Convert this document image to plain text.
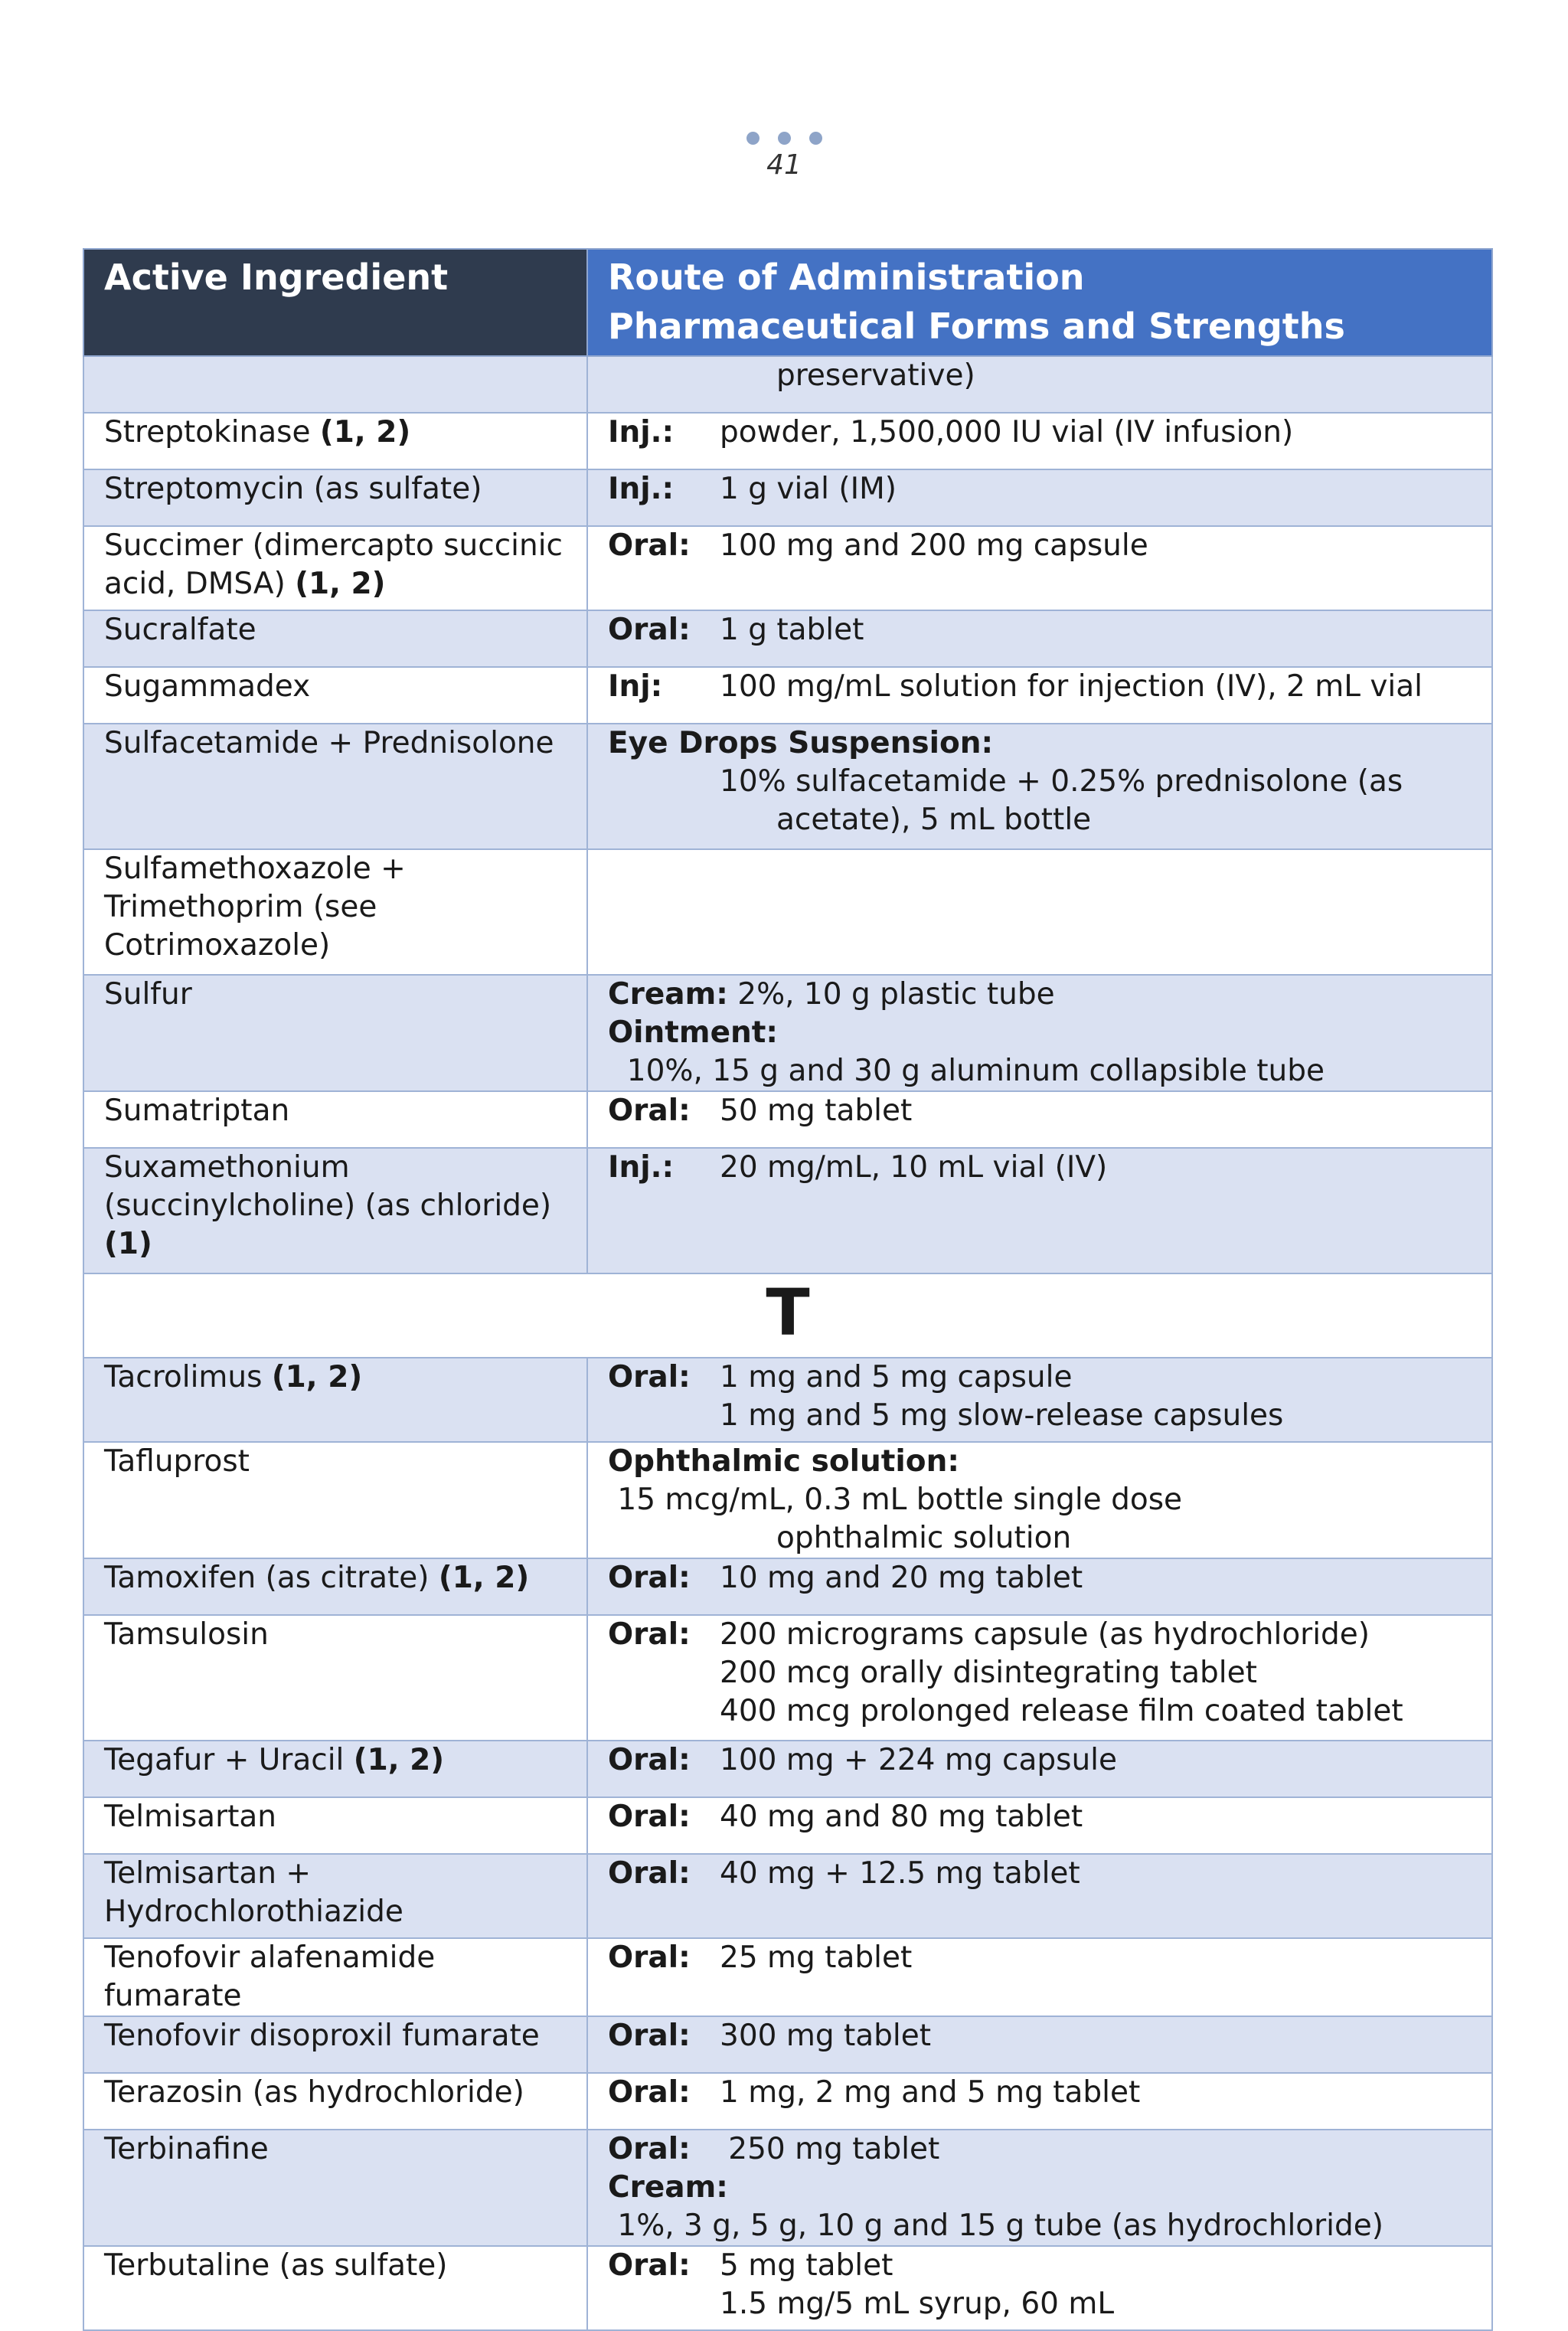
41
Active Ingredient	Route of Administration
Pharmaceutical Forms and Strengths

	preservative)

Streptokinase (1, 2)	Inj.: powder, 1,500,000 IU vial (IV infusion)
Streptomycin (as sulfate)	Inj.: 1 g vial (IM)
Succimer (dimercapto succinic acid, DMSA) (1, 2)	Oral: 100 mg and 200 mg capsule
Sucralfate	Oral: 1 g tablet
Sugammadex	Inj: 100 mg/mL solution for injection (IV), 2 mL vial
Sulfacetamide + Prednisolone	Eye Drops Suspension:
10% sulfacetamide + 0.25% prednisolone (as
acetate), 5 mL bottle

Sulfamethoxazole + Trimethoprim (see Cotrimoxazole)	
Sulfur	Cream: 2%, 10 g plastic tube
Ointment:  10%, 15 g and 30 g aluminum collapsible tube

Sumatriptan	Oral: 50 mg tablet
Suxamethonium (succinylcholine) (as chloride) (1)	Inj.: 20 mg/mL, 10 mL vial (IV)
T	
Tacrolimus (1, 2)	Oral: 1 mg and 5 mg capsule
1 mg and 5 mg slow-release capsules

Tafluprost	Ophthalmic solution: 15 mcg/mL, 0.3 mL bottle single dose
ophthalmic solution

Tamoxifen (as citrate) (1, 2)	Oral: 10 mg and 20 mg tablet
Tamsulosin	Oral: 200 micrograms capsule (as hydrochloride)
200 mcg orally disintegrating tablet
400 mcg prolonged release film coated tablet

Tegafur + Uracil (1, 2)	Oral: 100 mg + 224 mg capsule
Telmisartan	Oral: 40 mg and 80 mg tablet
Telmisartan + Hydrochlorothiazide	Oral: 40 mg + 12.5 mg tablet
Tenofovir alafenamide fumarate	Oral: 25 mg tablet
Tenofovir disoproxil fumarate	Oral: 300 mg tablet
Terazosin (as hydrochloride)	Oral: 1 mg, 2 mg and 5 mg tablet
Terbinafine	Oral:    250 mg tablet
Cream: 1%, 3 g, 5 g, 10 g and 15 g tube (as hydrochloride)

Terbutaline (as sulfate)	Oral: 5 mg tablet
1.5 mg/5 mL syrup, 60 mL
